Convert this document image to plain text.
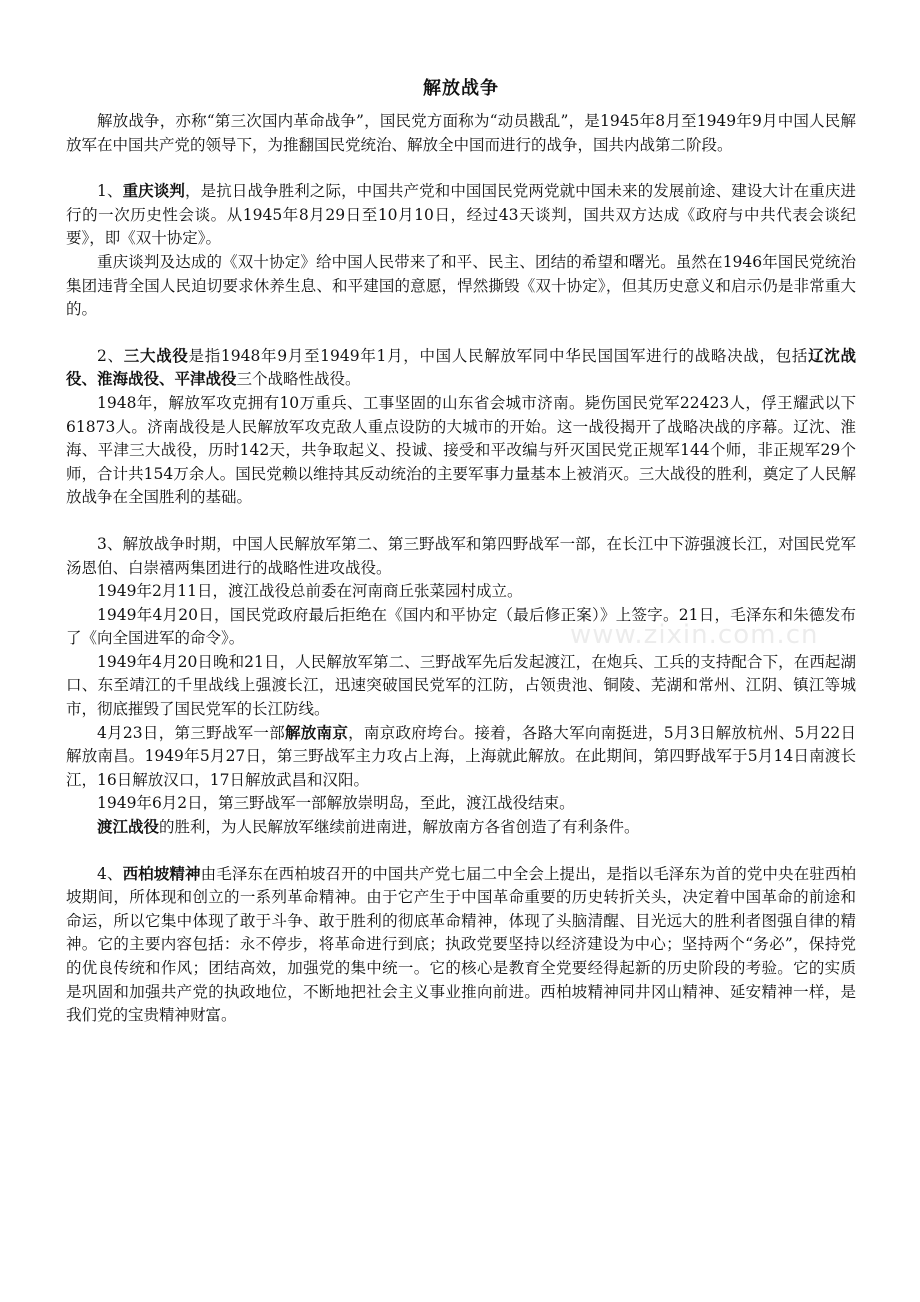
解放战争

解放战争，亦称“第三次国内革命战争”，国民党方面称为“动员戡乱”，是1945年8月至1949年9月中国人民解放军在中国共产党的领导下，为推翻国民党统治、解放全中国而进行的战争，国共内战第二阶段。

1、重庆谈判，是抗日战争胜利之际，中国共产党和中国国民党两党就中国未来的发展前途、建设大计在重庆进行的一次历史性会谈。从1945年8月29日至10月10日，经过43天谈判，国共双方达成《政府与中共代表会谈纪要》，即《双十协定》。

重庆谈判及达成的《双十协定》给中国人民带来了和平、民主、团结的希望和曙光。虽然在1946年国民党统治集团违背全国人民迫切要求休养生息、和平建国的意愿，悍然撕毁《双十协定》，但其历史意义和启示仍是非常重大的。

2、三大战役是指1948年9月至1949年1月，中国人民解放军同中华民国国军进行的战略决战，包括辽沈战役、淮海战役、平津战役三个战略性战役。

1948年，解放军攻克拥有10万重兵、工事坚固的山东省会城市济南。毙伤国民党军22423人，俘王耀武以下61873人。济南战役是人民解放军攻克敌人重点设防的大城市的开始。这一战役揭开了战略决战的序幕。辽沈、淮海、平津三大战役，历时142天，共争取起义、投诚、接受和平改编与歼灭国民党正规军144个师，非正规军29个师，合计共154万余人。国民党赖以维持其反动统治的主要军事力量基本上被消灭。三大战役的胜利，奠定了人民解放战争在全国胜利的基础。

3、解放战争时期，中国人民解放军第二、第三野战军和第四野战军一部，在长江中下游强渡长江，对国民党军汤恩伯、白崇禧两集团进行的战略性进攻战役。

1949年2月11日，渡江战役总前委在河南商丘张菜园村成立。

1949年4月20日，国民党政府最后拒绝在《国内和平协定（最后修正案）》上签字。21日，毛泽东和朱德发布了《向全国进军的命令》。

1949年4月20日晚和21日，人民解放军第二、三野战军先后发起渡江，在炮兵、工兵的支持配合下，在西起湖口、东至靖江的千里战线上强渡长江，迅速突破国民党军的江防，占领贵池、铜陵、芜湖和常州、江阴、镇江等城市，彻底摧毁了国民党军的长江防线。

4月23日，第三野战军一部解放南京，南京政府垮台。接着，各路大军向南挺进，5月3日解放杭州、5月22日解放南昌。1949年5月27日，第三野战军主力攻占上海，上海就此解放。在此期间，第四野战军于5月14日南渡长江，16日解放汉口，17日解放武昌和汉阳。

1949年6月2日，第三野战军一部解放崇明岛，至此，渡江战役结束。

渡江战役的胜利，为人民解放军继续前进南进，解放南方各省创造了有利条件。

4、西柏坡精神由毛泽东在西柏坡召开的中国共产党七届二中全会上提出，是指以毛泽东为首的党中央在驻西柏坡期间，所体现和创立的一系列革命精神。由于它产生于中国革命重要的历史转折关头，决定着中国革命的前途和命运，所以它集中体现了敢于斗争、敢于胜利的彻底革命精神，体现了头脑清醒、目光远大的胜利者图强自律的精神。它的主要内容包括：永不停步，将革命进行到底；执政党要坚持以经济建设为中心；坚持两个“务必”，保持党的优良传统和作风；团结高效，加强党的集中统一。它的核心是教育全党要经得起新的历史阶段的考验。它的实质是巩固和加强共产党的执政地位，不断地把社会主义事业推向前进。西柏坡精神同井冈山精神、延安精神一样，是我们党的宝贵精神财富。

www.zixin.com.cn
